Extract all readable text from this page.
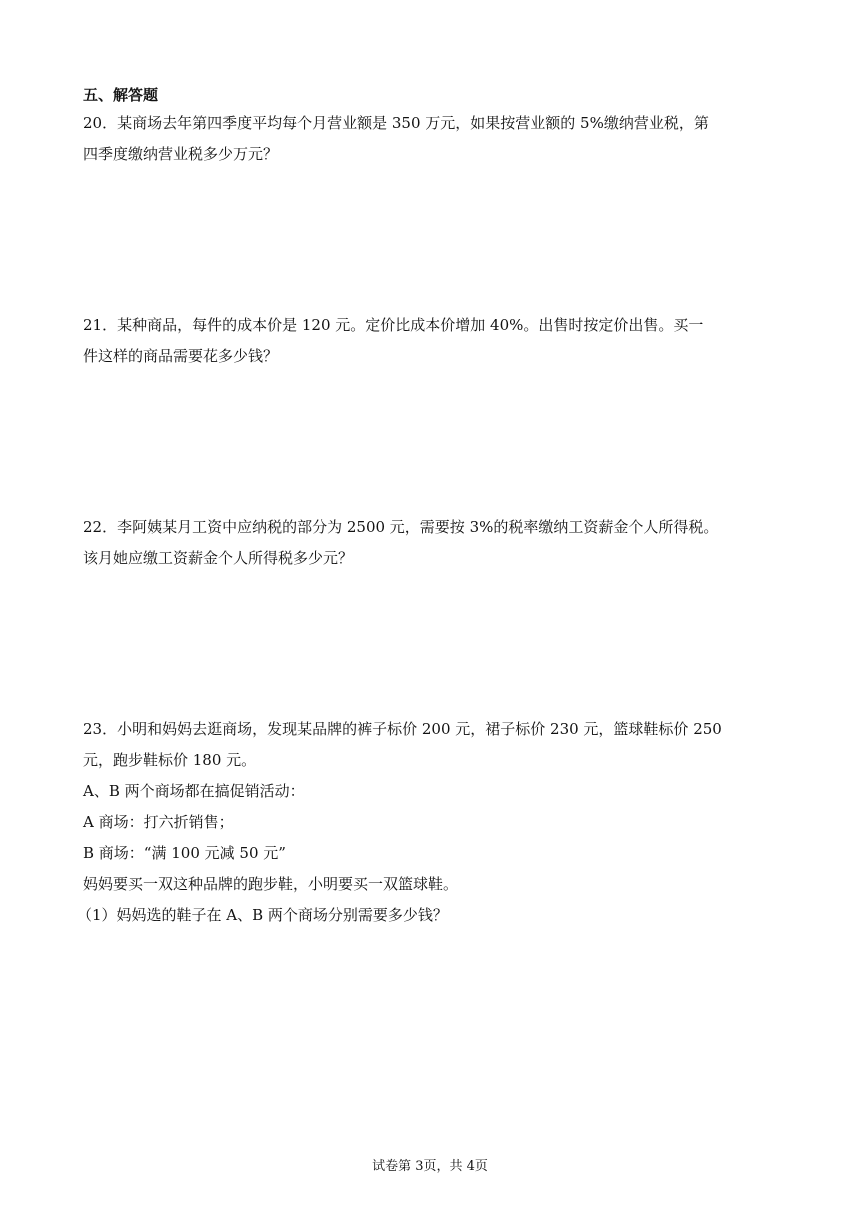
五、解答题

20．某商场去年第四季度平均每个月营业额是 350 万元，如果按营业额的 5%缴纳营业税，第

四季度缴纳营业税多少万元？

21．某种商品，每件的成本价是 120 元。定价比成本价增加 40%。出售时按定价出售。买一

件这样的商品需要花多少钱？

22．李阿姨某月工资中应纳税的部分为 2500 元，需要按 3%的税率缴纳工资薪金个人所得税。

该月她应缴工资薪金个人所得税多少元？

23．小明和妈妈去逛商场，发现某品牌的裤子标价 200 元，裙子标价 230 元，篮球鞋标价 250

元，跑步鞋标价 180 元。

A、B 两个商场都在搞促销活动：

A 商场：打六折销售；

B 商场：“满 100 元减 50 元”

妈妈要买一双这种品牌的跑步鞋，小明要买一双篮球鞋。

（1）妈妈选的鞋子在 A、B 两个商场分别需要多少钱？

试卷第 3页，共 4页
